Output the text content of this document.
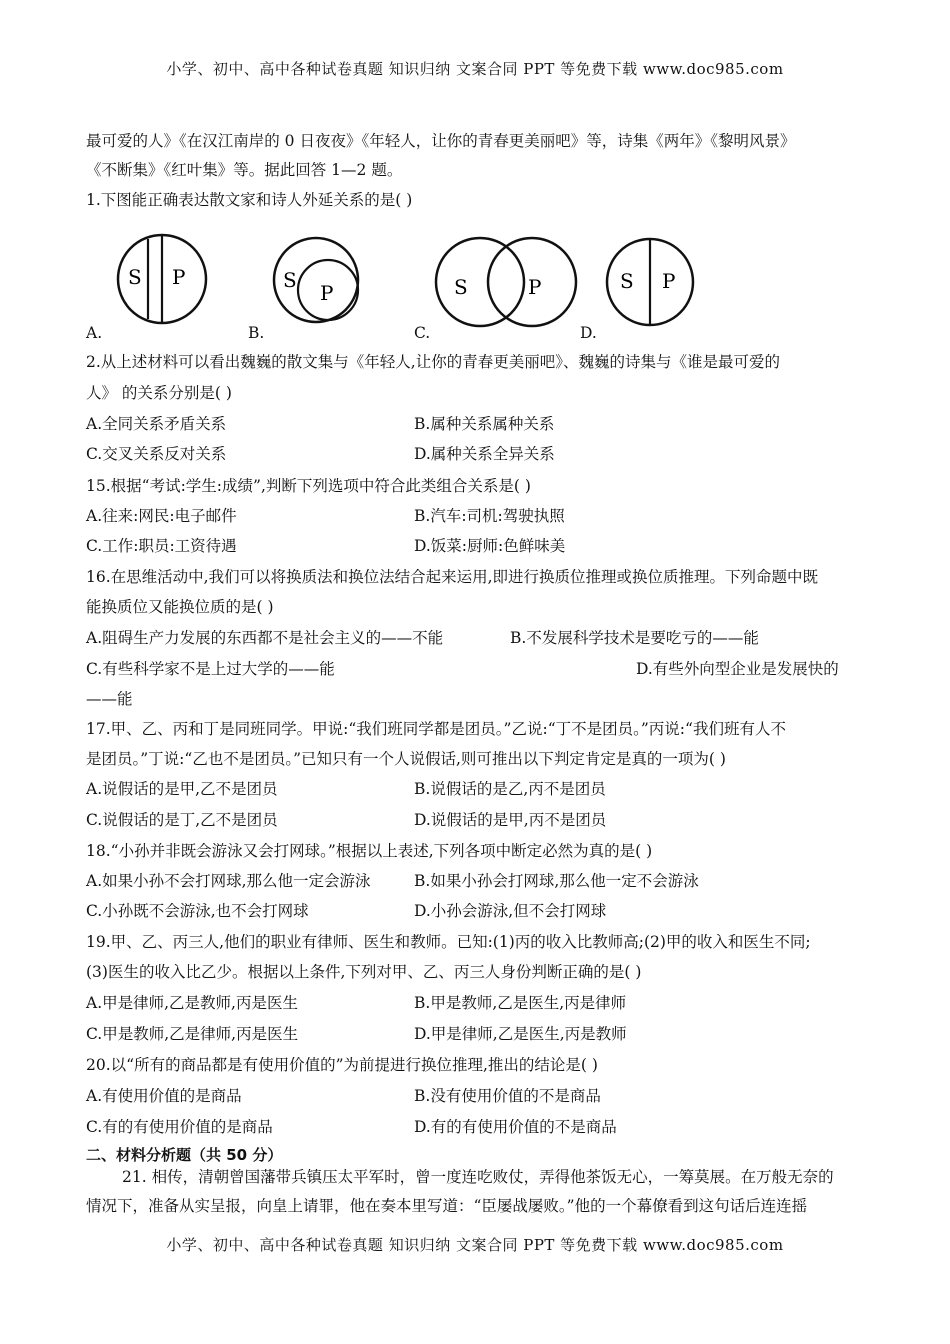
小学、初中、高中各种试卷真题 知识归纳 文案合同 PPT 等免费下载 www.doc985.com
最可爱的人》《在汉江南岸的 0 日夜夜》《年轻人，让你的青春更美丽吧》等，诗集《两年》《黎明风景》
《不断集》《红叶集》等。据此回答 1—2 题。
1.下图能正确表达散文家和诗人外延关系的是( )
S P	S
P	S	P	S P
A.	B.	C.	D.
2.从上述材料可以看出魏巍的散文集与《年轻人,让你的青春更美丽吧》、魏巍的诗集与《谁是最可爱的
人》 的关系分别是( )
A.全同关系矛盾关系	B.属种关系属种关系
C.交叉关系反对关系	D.属种关系全异关系
15.根据“考试:学生:成绩”,判断下列选项中符合此类组合关系是( )
A.往来:网民:电子邮件	B.汽车:司机:驾驶执照
C.工作:职员:工资待遇	D.饭菜:厨师:色鲜味美
16.在思维活动中,我们可以将换质法和换位法结合起来运用,即进行换质位推理或换位质推理。下列命题中既
能换质位又能换位质的是( )
A.阻碍生产力发展的东西都不是社会主义的——不能	B.不发展科学技术是要吃亏的——能
C.有些科学家不是上过大学的——能	D.有些外向型企业是发展快的
——能
17.甲、乙、丙和丁是同班同学。甲说:“我们班同学都是团员。”乙说:“丁不是团员。”丙说:“我们班有人不
是团员。”丁说:“乙也不是团员。”已知只有一个人说假话,则可推出以下判定肯定是真的一项为( )
A.说假话的是甲,乙不是团员	B.说假话的是乙,丙不是团员
C.说假话的是丁,乙不是团员	D.说假话的是甲,丙不是团员
18.“小孙并非既会游泳又会打网球。”根据以上表述,下列各项中断定必然为真的是( )
A.如果小孙不会打网球,那么他一定会游泳	B.如果小孙会打网球,那么他一定不会游泳
C.小孙既不会游泳,也不会打网球	D.小孙会游泳,但不会打网球
19.甲、乙、丙三人,他们的职业有律师、医生和教师。已知:(1)丙的收入比教师高;(2)甲的收入和医生不同;
(3)医生的收入比乙少。根据以上条件,下列对甲、乙、丙三人身份判断正确的是( )
A.甲是律师,乙是教师,丙是医生	B.甲是教师,乙是医生,丙是律师
C.甲是教师,乙是律师,丙是医生	D.甲是律师,乙是医生,丙是教师
20.以“所有的商品都是有使用价值的”为前提进行换位推理,推出的结论是( )
A.有使用价值的是商品	B.没有使用价值的不是商品
C.有的有使用价值的是商品	D.有的有使用价值的不是商品
二、材料分析题（共 50 分）
21. 相传，清朝曾国藩带兵镇压太平军时，曾一度连吃败仗，弄得他茶饭无心，一筹莫展。在万般无奈的
情况下，准备从实呈报，向皇上请罪，他在奏本里写道：“臣屡战屡败。”他的一个幕僚看到这句话后连连摇
小学、初中、高中各种试卷真题 知识归纳 文案合同 PPT 等免费下载 www.doc985.com
